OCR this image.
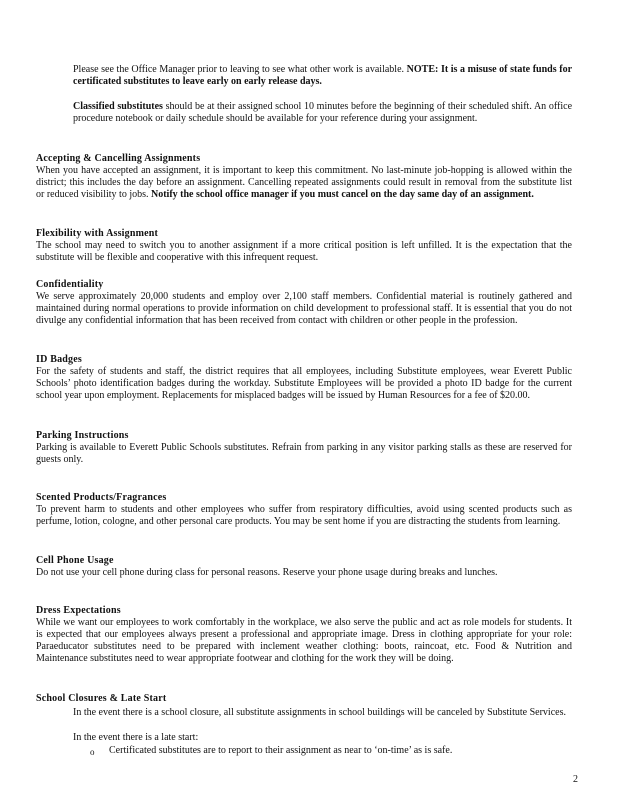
Please see the Office Manager prior to leaving to see what other work is available. NOTE: It is a misuse of state funds for certificated substitutes to leave early on early release days.
Classified substitutes should be at their assigned school 10 minutes before the beginning of their scheduled shift. An office procedure notebook or daily schedule should be available for your reference during your assignment.

Accepting & Cancelling Assignments

When you have accepted an assignment, it is important to keep this commitment. No last-minute job-hopping is allowed within the district; this includes the day before an assignment. Cancelling repeated assignments could result in removal from the substitute list or reduced visibility to jobs. Notify the school office manager if you must cancel on the day same day of an assignment.

Flexibility with Assignment

The school may need to switch you to another assignment if a more critical position is left unfilled. It is the expectation that the substitute will be flexible and cooperative with this infrequent request.

Confidentiality

We serve approximately 20,000 students and employ over 2,100 staff members. Confidential material is routinely gathered and maintained during normal operations to provide information on child development to professional staff. It is essential that you do not divulge any confidential information that has been received from contact with children or other people in the profession.

ID Badges

For the safety of students and staff, the district requires that all employees, including Substitute employees, wear Everett Public Schools’ photo identification badges during the workday. Substitute Employees will be provided a photo ID badge for the current school year upon employment. Replacements for misplaced badges will be issued by Human Resources for a fee of $20.00.

Parking Instructions

Parking is available to Everett Public Schools substitutes. Refrain from parking in any visitor parking stalls as these are reserved for guests only.

Scented Products/Fragrances

To prevent harm to students and other employees who suffer from respiratory difficulties, avoid using scented products such as perfume, lotion, cologne, and other personal care products. You may be sent home if you are distracting the students from learning.

Cell Phone Usage

Do not use your cell phone during class for personal reasons. Reserve your phone usage during breaks and lunches.

Dress Expectations

While we want our employees to work comfortably in the workplace, we also serve the public and act as role models for students. It is expected that our employees always present a professional and appropriate image. Dress in clothing appropriate for your role: Paraeducator substitutes need to be prepared with inclement weather clothing: boots, raincoat, etc. Food & Nutrition and Maintenance substitutes need to wear appropriate footwear and clothing for the work they will be doing.

School Closures & Late Start

In the event there is a school closure, all substitute assignments in school buildings will be canceled by Substitute Services.
In the event there is a late start:
o Certificated substitutes are to report to their assignment as near to ‘on-time’ as is safe.
2
